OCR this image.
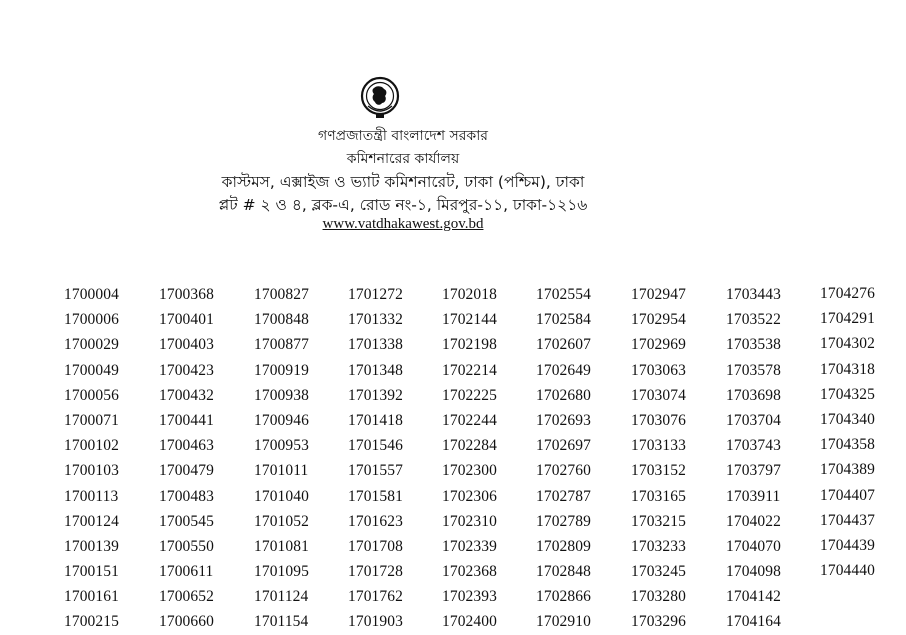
গণপ্রজাতন্ত্রী বাংলাদেশ সরকার
কমিশনারের কার্যালয়
কাস্টমস, এক্সাইজ ও ভ্যাট কমিশনারেট, ঢাকা (পশ্চিম), ঢাকা
প্লট # ২ ও ৪, ব্লক-এ, রোড নং-১, মিরপুর-১১, ঢাকা-১২১৬
www.vatdhakawest.gov.bd
1700004
1700006
1700029
1700049
1700056
1700071
1700102
1700103
1700113
1700124
1700139
1700151
1700161
1700215
1700368
1700401
1700403
1700423
1700432
1700441
1700463
1700479
1700483
1700545
1700550
1700611
1700652
1700660
1700827
1700848
1700877
1700919
1700938
1700946
1700953
1701011
1701040
1701052
1701081
1701095
1701124
1701154
1701272
1701332
1701338
1701348
1701392
1701418
1701546
1701557
1701581
1701623
1701708
1701728
1701762
1701903
1702018
1702144
1702198
1702214
1702225
1702244
1702284
1702300
1702306
1702310
1702339
1702368
1702393
1702400
1702554
1702584
1702607
1702649
1702680
1702693
1702697
1702760
1702787
1702789
1702809
1702848
1702866
1702910
1702947
1702954
1702969
1703063
1703074
1703076
1703133
1703152
1703165
1703215
1703233
1703245
1703280
1703296
1703443
1703522
1703538
1703578
1703698
1703704
1703743
1703797
1703911
1704022
1704070
1704098
1704142
1704164
1704276
1704291
1704302
1704318
1704325
1704340
1704358
1704389
1704407
1704437
1704439
1704440
